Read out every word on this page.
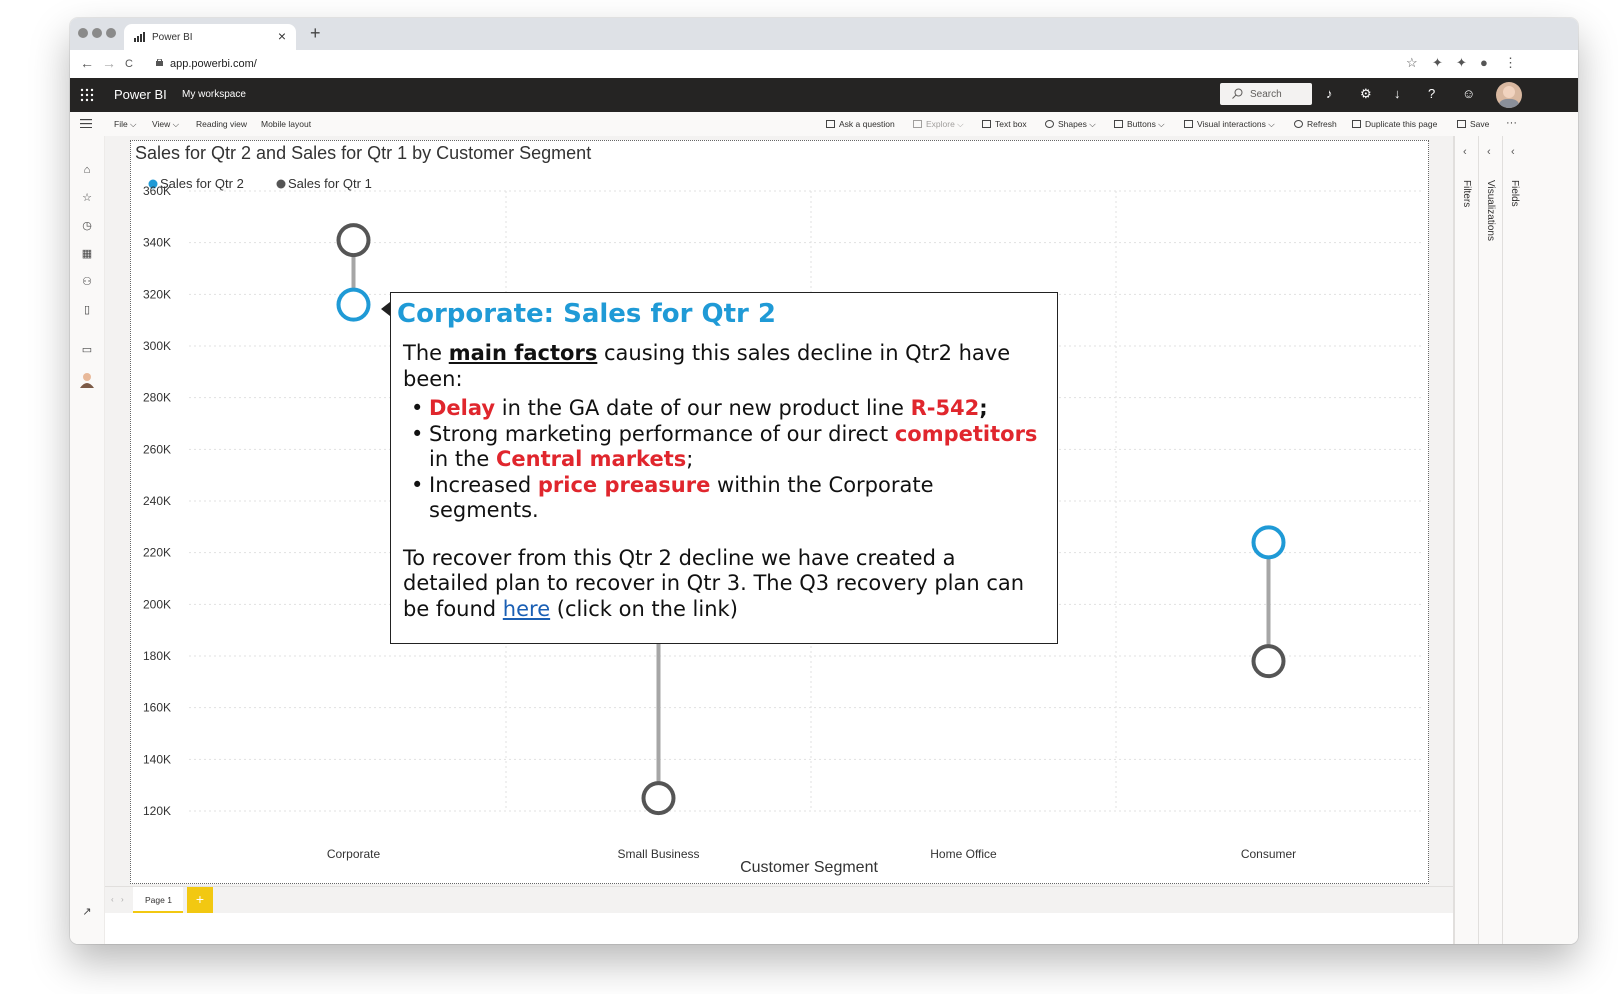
Power BI	× +
← → C	app.powerbi.com/	☆ ✦ ✦ ● ⋮
Power BI My workspace	Search	♪ ⚙ ↓ ? ☺
File ⌵ View ⌵ Reading view Mobile layout	Ask a question	Explore ⌵	Text box	Shapes ⌵	Buttons ⌵	Visual interactions ⌵	Refresh	Duplicate this page	Save ···
⌂
☆
◷
▦
⚇
▯
▭
↗
Sales for Qtr 2 and Sales for Qtr 1 by Customer Segment
Sales for Qtr 2	Sales for Qtr 1
120K
140K
160K
180K
200K
220K
240K
260K
280K
300K
320K
340K
360K
Corporate	Small Business	Home Office	Consumer
Customer Segment
Corporate: Sales for Qtr 2

The main factors causing this sales decline in Qtr2 have been:

• Delay in the GA date of our new product line R-542;
• Strong marketing performance of our direct competitors in the Central markets;
• Increased price preasure within the Corporate segments.

To recover from this Qtr 2 decline we have created a detailed plan to recover in Qtr 3. The Q3 recovery plan can be found here (click on the link)

‹
Filters
‹
Visualizations
‹
Fields
‹ ›	Page 1	+
